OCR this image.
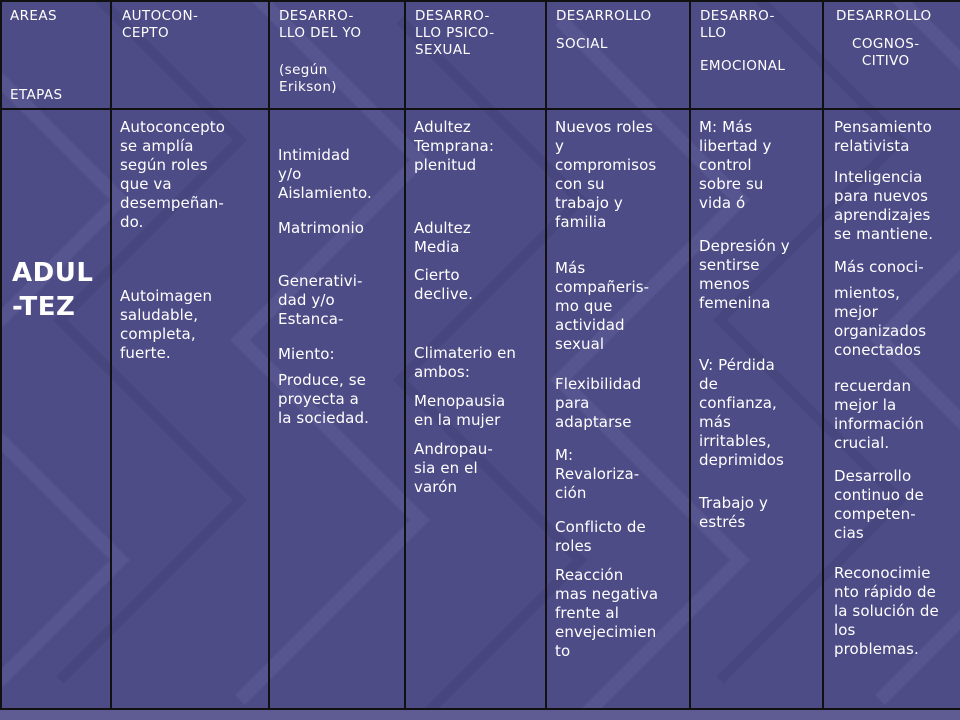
AREAS
ETAPAS
AUTOCON-
CEPTO
DESARRO-
LLO DEL YO
(según
Erikson)
DESARRO-
LLO PSICO-
SEXUAL
DESARROLLO
SOCIAL
DESARRO-
LLO
EMOCIONAL
DESARROLLO
COGNOS-
CITIVO
ADUL
-TEZ
Autoconcepto
se amplía
según roles
que va
desempeñan-
do.
Autoimagen
saludable,
completa,
fuerte.
Intimidad
y/o
Aislamiento.
Matrimonio
Generativi-
dad y/o
Estanca-
Miento:
Produce, se
proyecta a
la sociedad.
Adultez
Temprana:
plenitud
Adultez
Media
Cierto
declive.
Climaterio en
ambos:
Menopausia
en la mujer
Andropau-
sia en el
varón
Nuevos roles
y
compromisos
con su
trabajo y
familia
Más
compañeris-
mo que
actividad
sexual
Flexibilidad
para
adaptarse
M:
Revaloriza-
ción
Conflicto de
roles
Reacción
mas negativa
frente al
envejecimien
to
M: Más
libertad y
control
sobre su
vida ó
Depresión y
sentirse
menos
femenina
V: Pérdida
de
confianza,
más
irritables,
deprimidos
Trabajo y
estrés
Pensamiento
relativista
Inteligencia
para nuevos
aprendizajes
se mantiene.
Más conoci-
mientos,
mejor
organizados
conectados
recuerdan
mejor la
información
crucial.
Desarrollo
continuo de
competen-
cias
Reconocimie
nto rápido de
la solución de
los
problemas.
